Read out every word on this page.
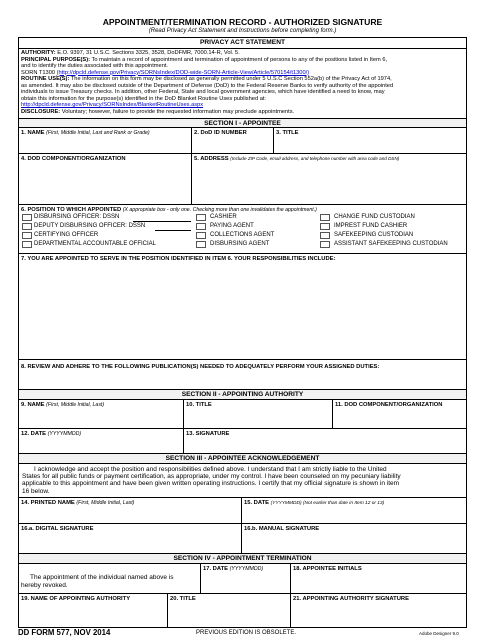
APPOINTMENT/TERMINATION RECORD - AUTHORIZED SIGNATURE
(Read Privacy Act Statement and Instructions before completing form.)
PRIVACY ACT STATEMENT

AUTHORITY: E.O. 9397, 31 U.S.C. Sections 3325, 3528, DoDFMR, 7000.14-R, Vol. 5.

PRINCIPAL PURPOSE(S): To maintain a record of appointment and termination of appointment of persons to any of the positions listed in Item 6,

and to identify the duties associated with this appointment.

SORN T1300 (http://dpcld.defense.gov/Privacy/SORNsIndex/DOD-wide-SORN-Article-View/Article/570154/t1300/)

ROUTINE USE(S): The information on this form may be disclosed as generally permitted under 5 U.S.C Section 552a(b) of the Privacy Act of 1974,

as amended. It may also be disclosed outside of the Department of Defense (DoD) to the Federal Reserve Banks to verify authority of the appointed

individuals to issue Treasury checks. In addition, other Federal, State and local government agencies, which have identified a need to know, may

obtain this information for the purpose(s) identified in the DoD Blanket Routine Uses published at:

http://dpcld.defense.gov/Privacy/SORNsIndex/BlanketRoutineUses.aspx

DISCLOSURE: Voluntary; however, failure to provide the requested information may preclude appointments.

SECTION I - APPOINTEE
1. NAME (First, Middle Initial, Last and Rank or Grade)	2. DoD ID NUMBER	3. TITLE
4. DOD COMPONENT/ORGANIZATION	5. ADDRESS (Include ZIP Code, email address, and telephone number with area code and DSN)
6. POSITION TO WHICH APPOINTED (X appropriate box - only one. Checking more than one invalidates the appointment.)
DISBURSING OFFICER: DSSN
DEPUTY DISBURSING OFFICER: DSSN
CERTIFYING OFFICER
DEPARTMENTAL ACCOUNTABLE OFFICIAL
CASHIER
PAYING AGENT
COLLECTIONS AGENT
DISBURSING AGENT
CHANGE FUND CUSTODIAN
IMPREST FUND CASHIER
SAFEKEEPING CUSTODIAN
ASSISTANT SAFEKEEPING CUSTODIAN
7. YOU ARE APPOINTED TO SERVE IN THE POSITION IDENTIFIED IN ITEM 6. YOUR RESPONSIBILITIES INCLUDE:
8. REVIEW AND ADHERE TO THE FOLLOWING PUBLICATION(S) NEEDED TO ADEQUATELY PERFORM YOUR ASSIGNED DUTIES:
SECTION II - APPOINTING AUTHORITY
9. NAME (First, Middle Initial, Last)	10. TITLE	11. DOD COMPONENT/ORGANIZATION
12. DATE (YYYYMMDD)	13. SIGNATURE
SECTION III - APPOINTEE ACKNOWLEDGEMENT

I acknowledge and accept the position and responsibilities defined above. I understand that I am strictly liable to the United

States for all public funds or payment certification, as appropriate, under my control. I have been counseled on my pecuniary liability

applicable to this appointment and have been given written operating instructions. I certify that my official signature is shown in item

16 below.

14. PRINTED NAME (First, Middle Initial, Last)	15. DATE (YYYYMMDD) (Not earlier than date in Item 12 or 13)
16.a. DIGITAL SIGNATURE	16.b. MANUAL SIGNATURE
SECTION IV - APPOINTMENT TERMINATION

The appointment of the individual named above is

hereby revoked.

17. DATE (YYYYMMDD)	18. APPOINTEE INITIALS
19. NAME OF APPOINTING AUTHORITY	20. TITLE	21. APPOINTING AUTHORITY SIGNATURE
DD FORM 577, NOV 2014	PREVIOUS EDITION IS OBSOLETE.	Adobe Designer 9.0
